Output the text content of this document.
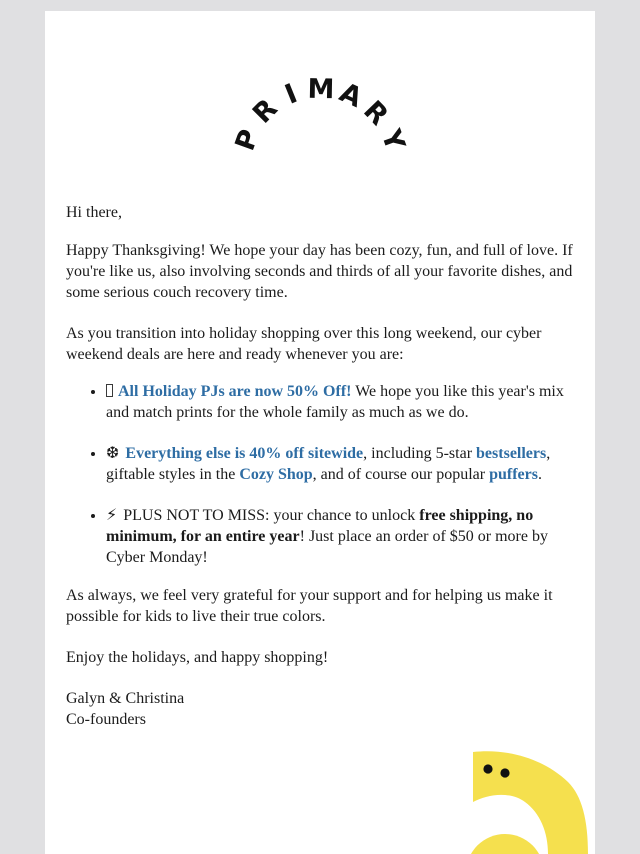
P
R
I M A
R
Y

Hi there,

Happy Thanksgiving! We hope your day has been cozy, fun, and full of love. If you're like us, also involving seconds and thirds of all your favorite dishes, and some serious couch recovery time.

As you transition into holiday shopping over this long weekend, our cyber weekend deals are here and ready whenever you are:

• All Holiday PJs are now 50% Off! We hope you like this year's mix and match prints for the whole family as much as we do.
• ❆ Everything else is 40% off sitewide, including 5-star bestsellers, giftable styles in the Cozy Shop, and of course our popular puffers.
• ⚡ PLUS NOT TO MISS: your chance to unlock free shipping, no minimum, for an entire year! Just place an order of $50 or more by Cyber Monday!

As always, we feel very grateful for your support and for helping us make it possible for kids to live their true colors.

Enjoy the holidays, and happy shopping!

Galyn & Christina
Co-founders
